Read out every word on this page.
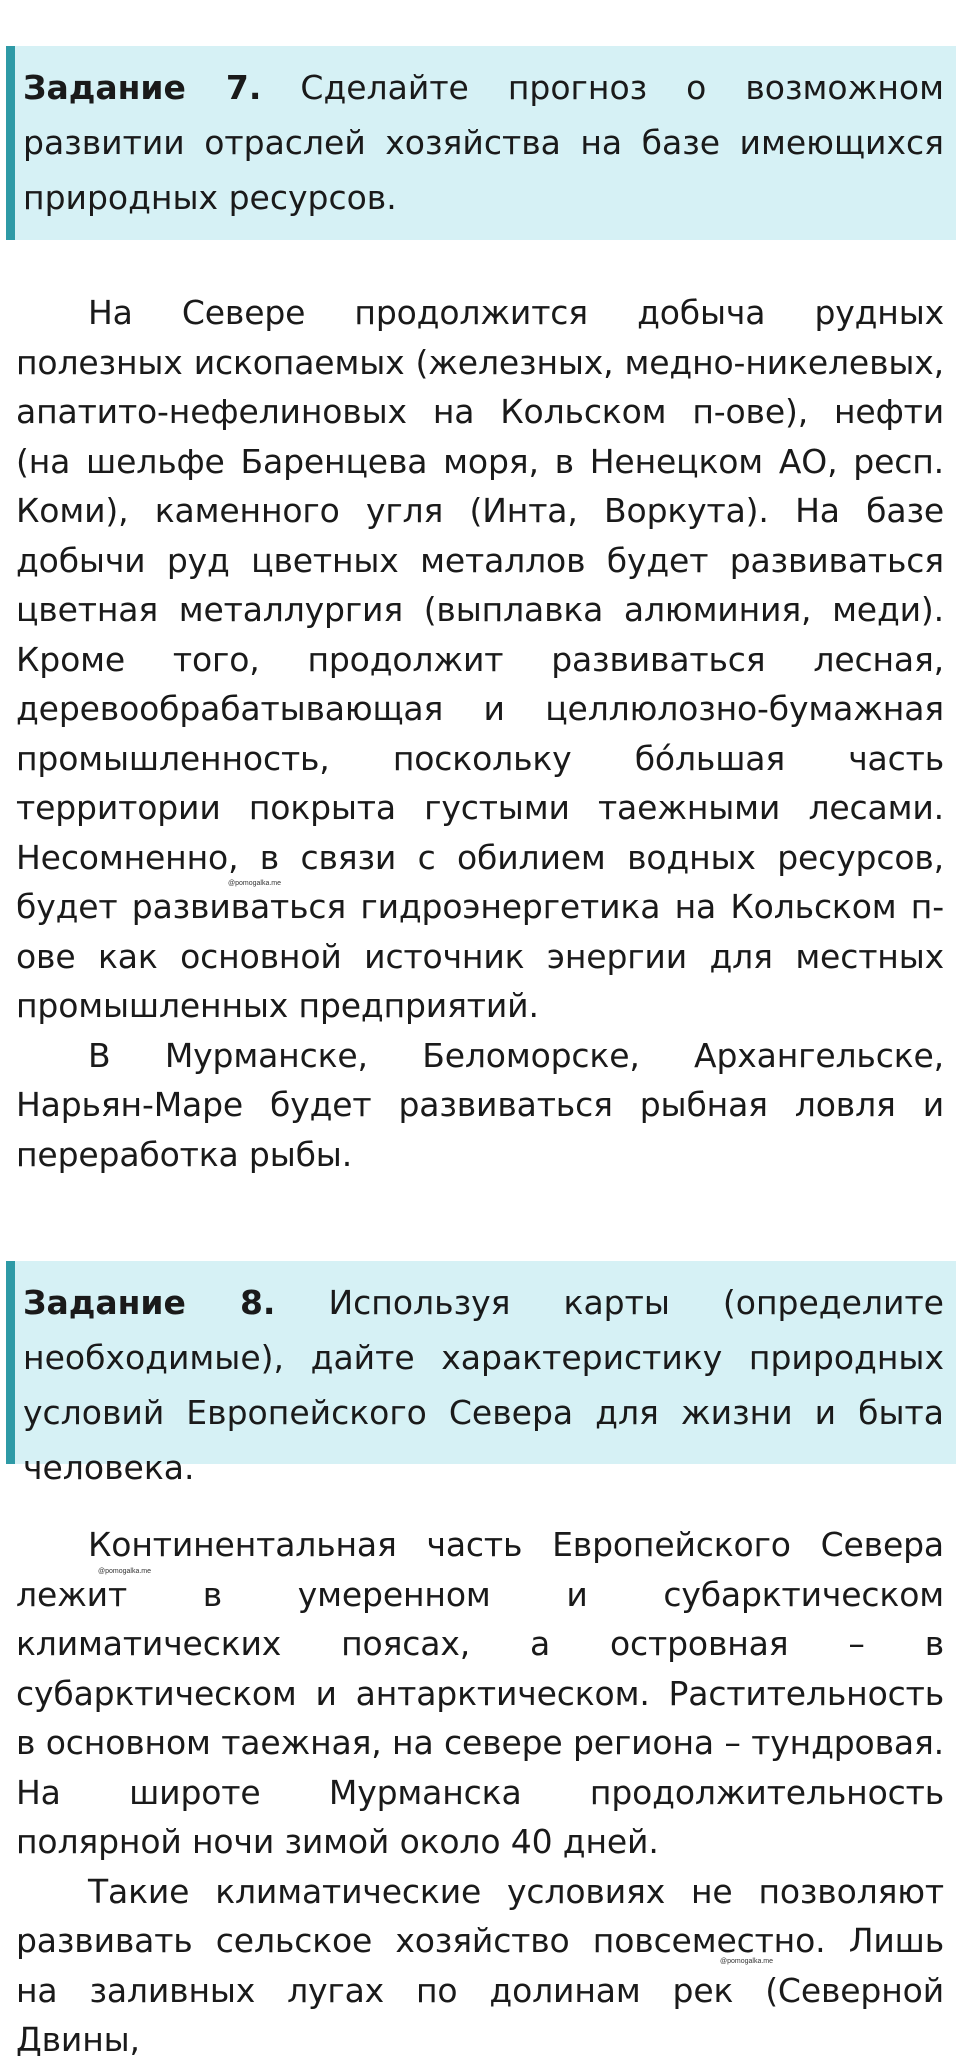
Задание 7. Сделайте прогноз о возможном развитии отраслей хозяйства на базе имеющихся природных ресурсов.

На Севере продолжится добыча рудных полезных ископаемых (железных, медно-никелевых, апатито-нефелиновых на Кольском п-ове), нефти (на шельфе Баренцева моря, в Ненецком АО, респ. Коми), каменного угля (Инта, Воркута). На базе добычи руд цветных металлов будет развиваться цветная металлургия (выплавка алюминия, меди). Кроме того, продолжит развиваться лесная, деревообрабатывающая и целлюлозно-бумажная промышленность, поскольку бóльшая часть территории покрыта густыми таежными лесами. Несомненно, в связи с обилием водных ресурсов, будет развиваться гидроэнергетика на Кольском п-ове как основной источник энергии для местных промышленных предприятий.

В Мурманске, Беломорске, Архангельске, Нарьян-Маре будет развиваться рыбная ловля и переработка рыбы.

Задание 8. Используя карты (определите необходимые), дайте характеристику природных условий Европейского Севера для жизни и быта человека.

Континентальная часть Европейского Севера лежит в умеренном и субарктическом климатических поясах, а островная – в субарктическом и антарктическом. Растительность в основном таежная, на севере региона – тундровая. На широте Мурманска продолжительность полярной ночи зимой около 40 дней.

Такие климатические условиях не позволяют развивать сельское хозяйство повсеместно. Лишь на заливных лугах по долинам рек (Северной Двины,

@pomogalka.me
@pomogalka.me
@pomogalka.me
